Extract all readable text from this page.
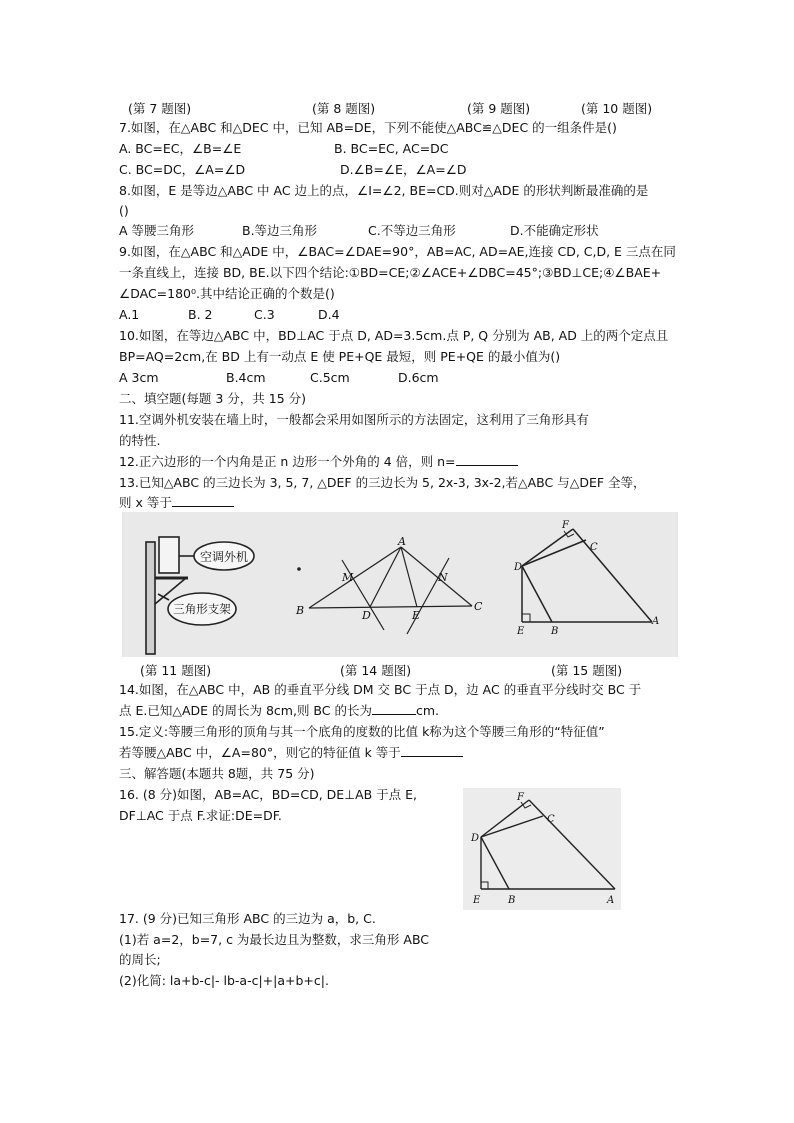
(第 7 题图)	(第 8 题图)	(第 9 题图)	(第 10 题图)
7.如图，在△ABC 和△DEC 中，已知 AB=DE，下列不能使△ABC≌△DEC 的一组条件是()
A. BC=EC，∠B=∠E	B. BC=EC, AC=DC
C. BC=DC，∠A=∠D	D.∠B=∠E，∠A=∠D
8.如图，E 是等边△ABC 中 AC 边上的点，∠I=∠2, BE=CD.则对△ADE 的形状判断最准确的是
()
A 等腰三角形	B.等边三角形	C.不等边三角形	D.不能确定形状
9.如图，在△ABC 和△ADE 中，∠BAC=∠DAE=90°，AB=AC, AD=AE,连接 CD, C,D, E 三点在同
一条直线上，连接 BD, BE.以下四个结论:①BD=CE;②∠ACE+∠DBC=45°;③BD⊥CE;④∠BAE+
∠DAC=180⁰.其中结论正确的个数是()
A.1	B. 2	C.3	D.4
10.如图，在等边△ABC 中，BD⊥AC 于点 D, AD=3.5cm.点 P, Q 分别为 AB, AD 上的两个定点且
BP=AQ=2cm,在 BD 上有一动点 E 使 PE+QE 最短，则 PE+QE 的最小值为()
A 3cm	B.4cm	C.5cm	D.6cm
二、填空题(每题 3 分，共 15 分)
11.空调外机安装在墙上时，一般都会采用如图所示的方法固定，这利用了三角形具有
的特性.
12.正六边形的一个内角是正 n 边形一个外角的 4 倍，则 n=
13.已知△ABC 的三边长为 3, 5, 7, △DEF 的三边长为 5, 2x-3, 3x-2,若△ABC 与△DEF 全等，
则 x 等于
空调外机
三角形支架
A
B	C
D	E
M	N
F
C
D
E	B
A
(第 11 题图)	(第 14 题图)	(第 15 题图)
14.如图，在△ABC 中，AB 的垂直平分线 DM 交 BC 于点 D，边 AC 的垂直平分线时交 BC 于
点 E.已知△ADE 的周长为 8cm,则 BC 的长为	cm.
15.定义:等腰三角形的顶角与其一个底角的度数的比值 k称为这个等腰三角形的“特征值”
若等腰△ABC 中，∠A=80°，则它的特征值 k 等于
三、解答题(本题共 8题，共 75 分)
16. (8 分)如图，AB=AC，BD=CD, DE⊥AB 于点 E,
DF⊥AC 于点 F.求证:DE=DF.
F
C
D
E	B	A
17. (9 分)已知三角形 ABC 的三边为 a，b, C.
(1)若 a=2，b=7, c 为最长边且为整数，求三角形 ABC
的周长;
(2)化简: la+b-c|- lb-a-c|+|a+b+c|.
